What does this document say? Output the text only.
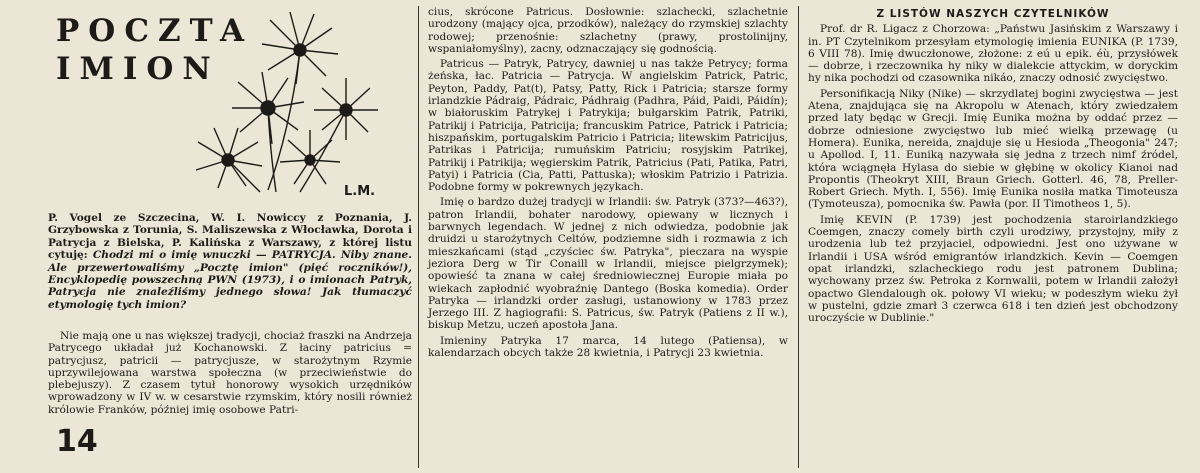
POCZTA
IMION
L.M.
P. Vogel ze Szczecina, W. I. Nowiccy z Poznania, J. Grzybowska z Torunia, S. Maliszewska z Włocławka, Dorota i Patrycja z Bielska, P. Kalińska z Warszawy, z której listu cytuję: Chodzi mi o imię wnuczki — PATRYCJA. Niby znane. Ale przewertowaliśmy „Pocztę imion" (pięć roczników!), Encyklopedię powszechną PWN (1973), i o imionach Patryk, Patrycja nie znaleźliśmy jednego słowa! Jak tłumaczyć etymologię tych imion?

Nie mają one u nas większej tradycji, chociaż fraszki na Andrzeja Patrycego układał już Kochanowski. Z łaciny patricius = patrycjusz, patricii — patrycjusze, w starożytnym Rzymie uprzywilejowana warstwa społeczna (w przeciwieństwie do plebejuszy). Z czasem tytuł honorowy wysokich urzędników wprowadzony w IV w. w cesarstwie rzymskim, który nosili również królowie Franków, później imię osobowe Patri-

14

cius, skrócone Patricus. Dosłownie: szlachecki, szlachetnie urodzony (mający ojca, przodków), należący do rzymskiej szlachty rodowej; przenośnie: szlachetny (prawy, prostolinijny, wspaniałomyślny), zacny, odznaczający się godnością.

Patricus — Patryk, Patrycy, dawniej u nas także Petrycy; forma żeńska, łac. Patricia — Patrycja. W angielskim Patrick, Patric, Peyton, Paddy, Pat(t), Patsy, Patty, Rick i Patricia; starsze formy irlandzkie Pádraig, Pádraic, Pádhraig (Padhra, Páid, Paidi, Páidín); w białoruskim Patrykej i Patrykija; bułgarskim Patrik, Patriki, Patrikij i Patricija, Patricija; francuskim Patrice, Patrick i Patricia; hiszpańskim, portugalskim Patricio i Patricia; litewskim Patricijus, Patrikas i Patricija; rumuńskim Patriciu; rosyjskim Patrikej, Patrikij i Patrikija; węgierskim Patrik, Patricius (Pati, Patika, Patri, Patyi) i Patricia (Cia, Patti, Pattuska); włoskim Patrizio i Patrizia. Podobne formy w pokrewnych językach.

Imię o bardzo dużej tradycji w Irlandii: św. Patryk (373?—463?), patron Irlandii, bohater narodowy, opiewany w licznych i barwnych legendach. W jednej z nich odwiedza, podobnie jak druidzi u starożytnych Celtów, podziemne sidh i rozmawia z ich mieszkańcami (stąd „czyściec św. Patryka", pieczara na wyspie jeziora Derg w Tir Conaill w Irlandii, miejsce pielgrzymek); opowieść ta znana w całej średniowiecznej Europie miała po wiekach zapłodnić wyobraźnię Dantego (Boska komedia). Order Patryka — irlandzki order zasługi, ustanowiony w 1783 przez Jerzego III. Z hagiografii: S. Patricus, św. Patryk (Patiens z II w.), biskup Metzu, uczeń apostoła Jana.

Imieniny Patryka 17 marca, 14 lutego (Patiensa), w kalendarzach obcych także 28 kwietnia, i Patrycji 23 kwietnia.

Z LISTÓW NASZYCH CZYTELNIKÓW

Prof. dr R. Ligacz z Chorzowa: „Państwu Jasińskim z Warszawy i in. PT Czytelnikom przesyłam etymologię imienia EUNIKA (P. 1739, 6 VIII 78). Imię dwuczłonowe, złożone: z eú u epik. éù, przysłówek — dobrze, i rzeczownika hy niky w dialekcie attyckim, w doryckim hy nika pochodzi od czasownika nikáo, znaczy odnosić zwycięstwo.

Personifikacją Niky (Nike) — skrzydlatej bogini zwycięstwa — jest Atena, znajdująca się na Akropolu w Atenach, który zwiedzałem przed laty będąc w Grecji. Imię Eunika można by oddać przez — dobrze odniesione zwycięstwo lub mieć wielką przewagę (u Homera). Eunika, nereida, znajduje się u Hesioda „Theogonia" 247; u Apollod. I, 11. Euniką nazywała się jedna z trzech nimf źródel, która wciągnęła Hylasa do siebie w głębinę w okolicy Kianoi nad Propontis (Theokryt XIII, Braun Griech. Gotterl. 46, 78, Preller-Robert Griech. Myth. I, 556). Imię Eunika nosiła matka Timoteusza (Tymoteusza), pomocnika św. Pawła (por. II Timotheos 1, 5).

Imię KEVIN (P. 1739) jest pochodzenia staroirlandzkiego Coemgen, znaczy comely birth czyli urodziwy, przystojny, miły z urodzenia lub też przyjaciel, odpowiedni. Jest ono używane w Irlandii i USA wśród emigrantów irlandzkich. Kevin — Coemgen opat irlandzki, szlacheckiego rodu jest patronem Dublina; wychowany przez św. Petroka z Kornwalii, potem w Irlandii założył opactwo Glendalough ok. połowy VI wieku; w podeszłym wieku żył w pustelni, gdzie zmarł 3 czerwca 618 i ten dzień jest obchodzony uroczyście w Dublinie."
